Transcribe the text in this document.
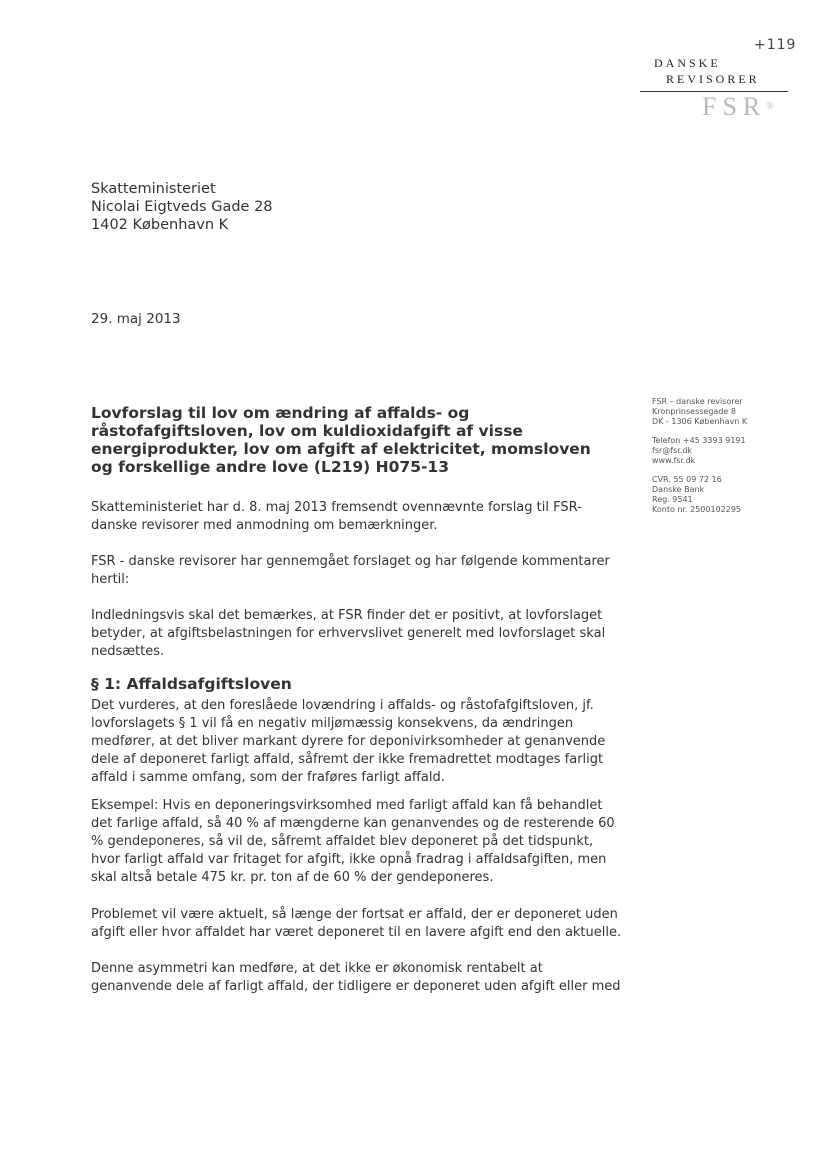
+119
DANSKE
REVISORER
FSR®
Skatteministeriet
Nicolai Eigtveds Gade 28
1402 København K
29. maj 2013
FSR – danske revisorer
Kronprinsessegade 8
DK - 1306 København K
Telefon +45 3393 9191
fsr@fsr.dk
www.fsr.dk
CVR. 55 09 72 16
Danske Bank
Reg. 9541
Konto nr. 2500102295
Lovforslag til lov om ændring af affalds- og
råstofafgiftsloven, lov om kuldioxidafgift af visse
energiprodukter, lov om afgift af elektricitet, momsloven
og forskellige andre love (L219) H075-13
Skatteministeriet har d. 8. maj 2013 fremsendt ovennævnte forslag til FSR-
danske revisorer med anmodning om bemærkninger.
FSR - danske revisorer har gennemgået forslaget og har følgende kommentarer
hertil:
Indledningsvis skal det bemærkes, at FSR finder det er positivt, at lovforslaget
betyder, at afgiftsbelastningen for erhvervslivet generelt med lovforslaget skal
nedsættes.
§ 1: Affaldsafgiftsloven
Det vurderes, at den foreslåede lovændring i affalds- og råstofafgiftsloven, jf.
lovforslagets § 1 vil få en negativ miljømæssig konsekvens, da ændringen
medfører, at det bliver markant dyrere for deponivirksomheder at genanvende
dele af deponeret farligt affald, såfremt der ikke fremadrettet modtages farligt
affald i samme omfang, som der fraføres farligt affald.
Eksempel: Hvis en deponeringsvirksomhed med farligt affald kan få behandlet
det farlige affald, så 40 % af mængderne kan genanvendes og de resterende 60
% gendeponeres, så vil de, såfremt affaldet blev deponeret på det tidspunkt,
hvor farligt affald var fritaget for afgift, ikke opnå fradrag i affaldsafgiften, men
skal altså betale 475 kr. pr. ton af de 60 % der gendeponeres.
Problemet vil være aktuelt, så længe der fortsat er affald, der er deponeret uden
afgift eller hvor affaldet har været deponeret til en lavere afgift end den aktuelle.
Denne asymmetri kan medføre, at det ikke er økonomisk rentabelt at
genanvende dele af farligt affald, der tidligere er deponeret uden afgift eller med
